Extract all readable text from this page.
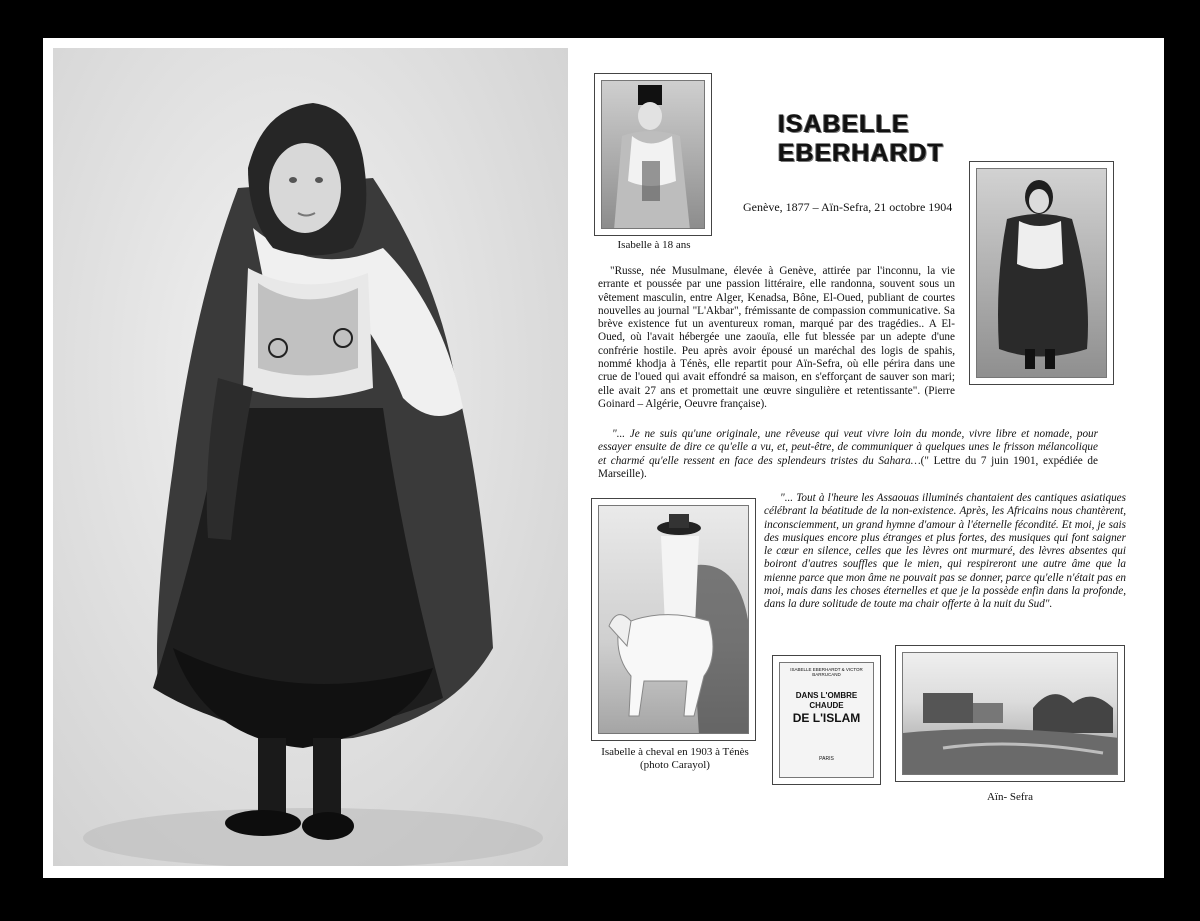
Isabelle à 18 ans
ISABELLE EBERHARDT
Genève, 1877 – Aïn-Sefra, 21 octobre 1904

"Russe, née Musulmane, élevée à Genève, attirée par l'inconnu, la vie errante et poussée par une passion littéraire, elle randonna, souvent sous un vêtement masculin, entre Alger, Kenadsa, Bône, El-Oued, publiant de courtes nouvelles au journal "L'Akbar", frémissante de compassion communicative. Sa brève existence fut un aventureux roman, marqué par des tragédies.. A El-Oued, où l'avait hébergée une zaouïa, elle fut blessée par un adepte d'une confrérie hostile. Peu après avoir épousé un maréchal des logis de spahis, nommé khodja à Ténès, elle repartit pour Aïn-Sefra, où elle périra dans une crue de l'oued qui avait effondré sa maison, en s'efforçant de sauver son mari; elle avait 27 ans et promettait une œuvre singulière et retentissante". (Pierre Goinard – Algérie, Oeuvre française).

"... Je ne suis qu'une originale, une rêveuse qui veut vivre loin du monde, vivre libre et nomade, pour essayer ensuite de dire ce qu'elle a vu, et, peut-être, de communiquer à quelques unes le frisson mélancolique et charmé qu'elle ressent en face des splendeurs tristes du Sahara…(" Lettre du 7 juin 1901, expédiée de Marseille).

Isabelle à cheval en 1903 à Ténès
(photo Carayol)

"... Tout à l'heure les Assaouas illuminés chantaient des cantiques asiatiques célébrant la béatitude de la non-existence. Après, les Africains nous chantèrent, inconsciemment, un grand hymne d'amour à l'éternelle fécondité. Et moi, je sais des musiques encore plus étranges et plus fortes, des musiques qui font saigner le cœur en silence, celles que les lèvres ont murmuré, des lèvres absentes qui boiront d'autres souffles que le mien, qui respireront une autre âme que la mienne parce que mon âme ne pouvait pas se donner, parce qu'elle n'était pas en moi, mais dans les choses éternelles et que je la possède enfin dans la profonde, dans la dure solitude de toute ma chair offerte à la nuit du Sud".

ISABELLE EBERHARDT & VICTOR BARRUCAND
DANS L'OMBRE CHAUDE
DE L'ISLAM
PARIS
Aïn- Sefra
